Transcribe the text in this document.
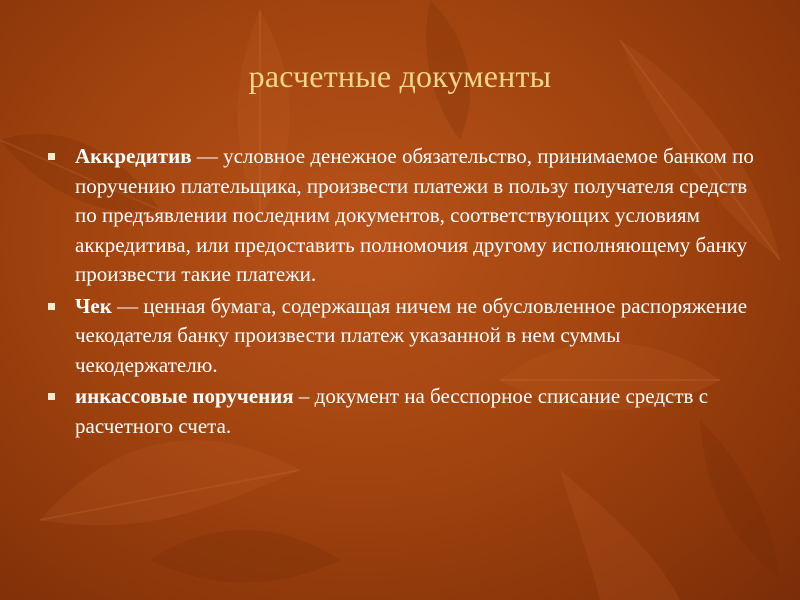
расчетные документы
Аккредитив — условное денежное обязательство, принимаемое банком по поручению плательщика, произвести платежи в пользу получателя средств по предъявлении последним документов, соответствующих условиям аккредитива, или предоставить полномочия другому исполняющему банку произвести такие платежи.
Чек — ценная бумага, содержащая ничем не обусловленное распоряжение чекодателя банку произвести платеж указанной в нем суммы чекодержателю.
инкассовые поручения – документ на бесспорное списание средств с расчетного счета.
